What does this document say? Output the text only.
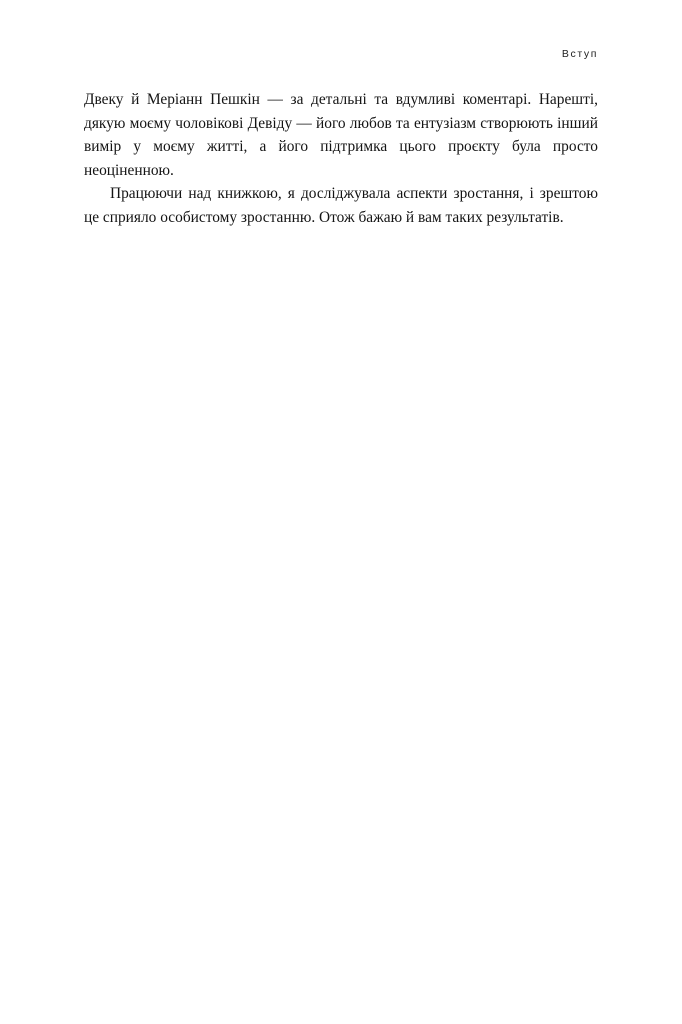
Вступ

Двеку й Меріанн Пешкін — за детальні та вдумливі коментарі. Нарешті, дякую моєму чоловікові Девіду — його любов та ентузіазм створюють інший вимір у моєму житті, а його підтримка цього проєкту була просто неоціненною.

Працюючи над книжкою, я досліджувала аспекти зростання, і зрештою це сприяло особистому зростанню. Отож бажаю й вам таких результатів.
